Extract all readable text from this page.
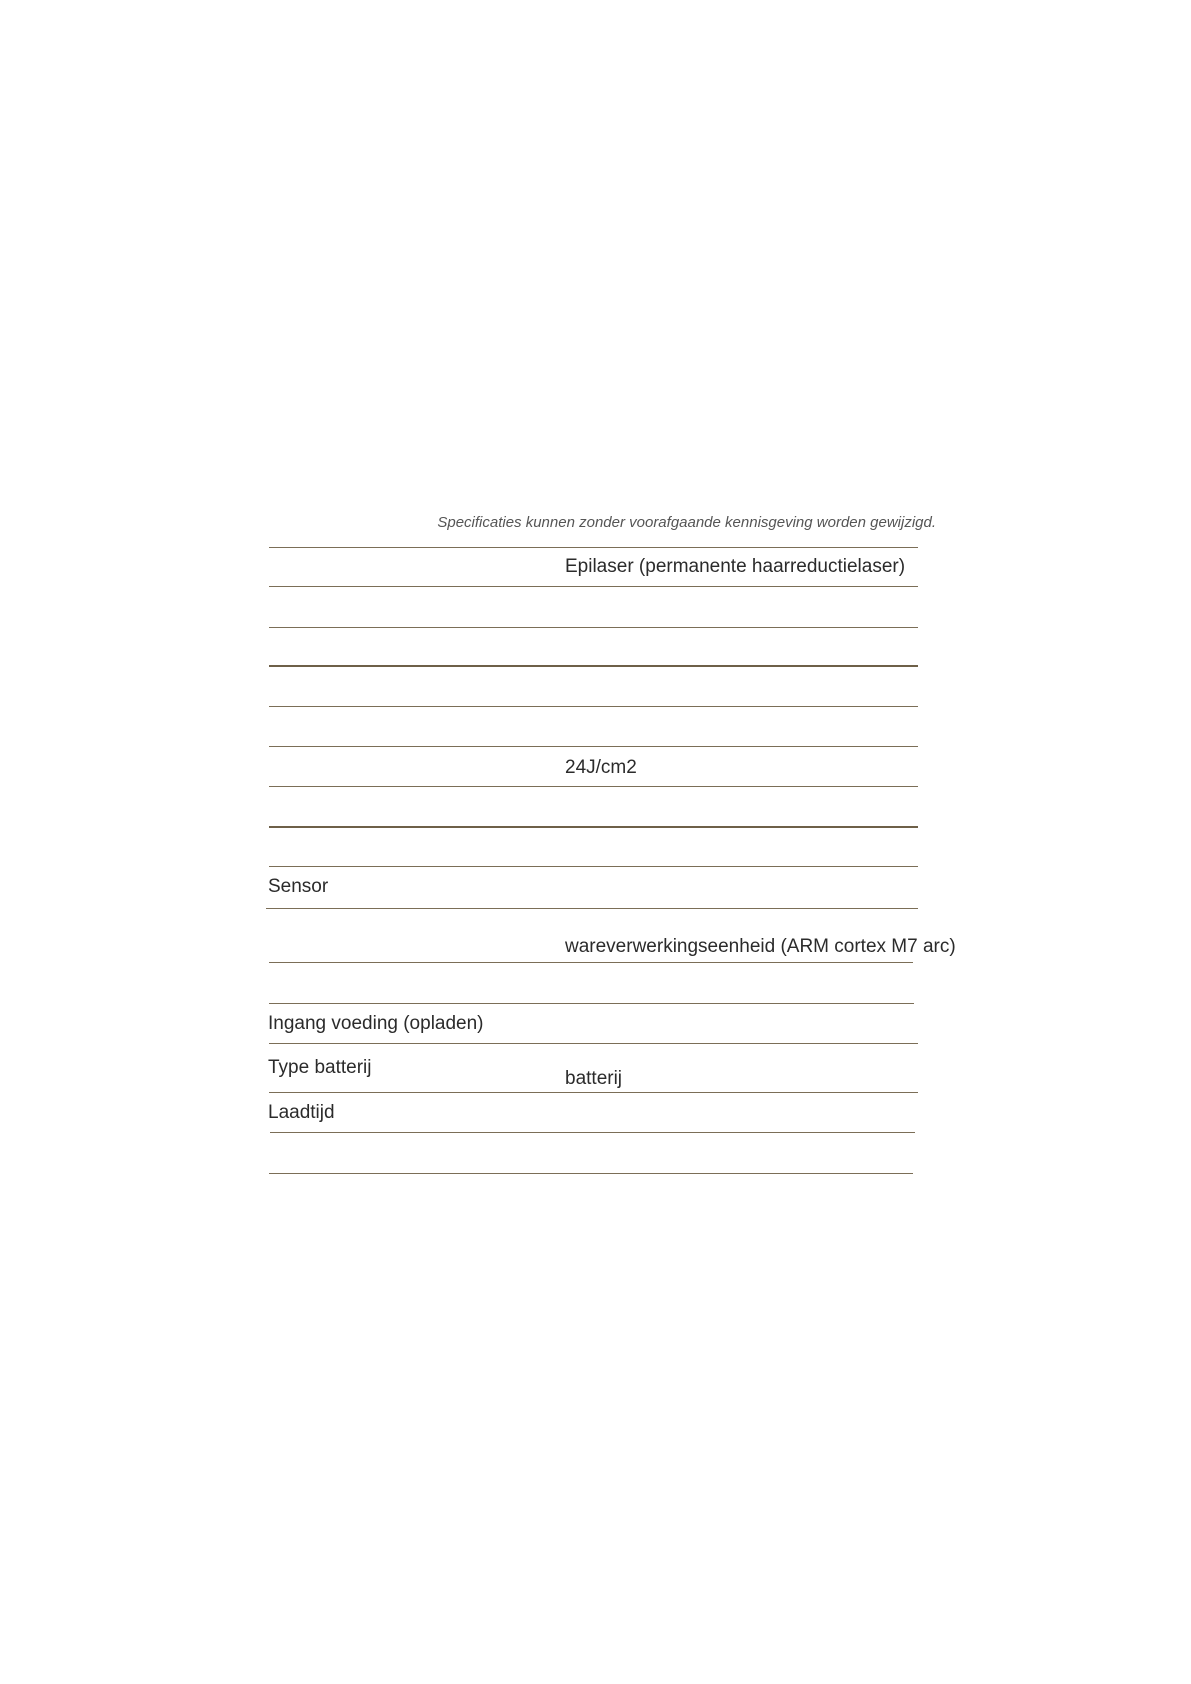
Specificaties kunnen zonder voorafgaande kennisgeving worden gewijzigd.
Epilaser (permanente haarreductielaser)
24J/cm2
Sensor
wareverwerkingseenheid (ARM cortex M7 arc)
Ingang voeding (opladen)
Type batterij
batterij
Laadtijd
